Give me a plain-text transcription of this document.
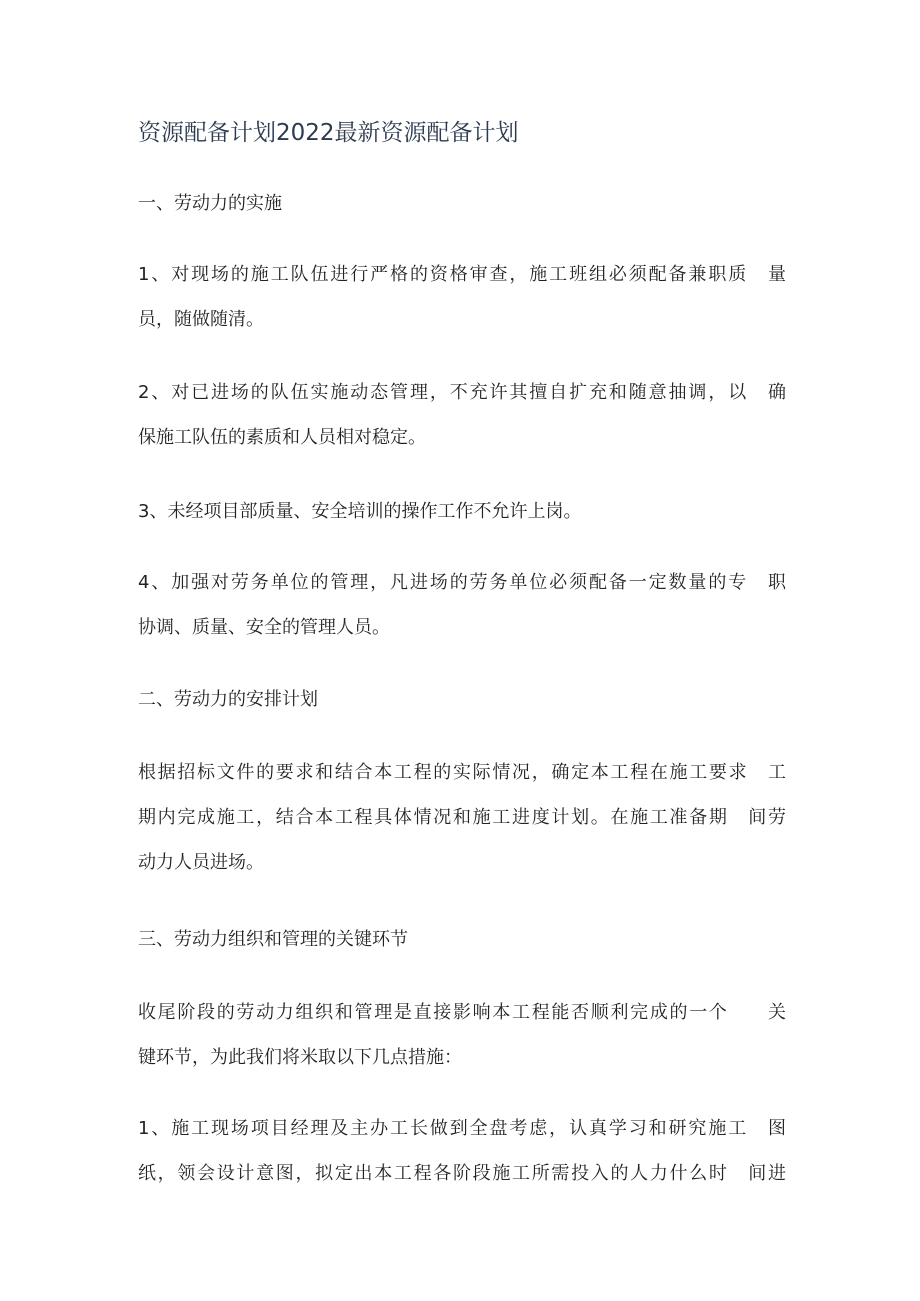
资源配备计划2022最新资源配备计划
一、劳动力的实施
1、对现场的施工队伍进行严格的资格审查，施工班组必须配备兼职质　量
员，随做随清。
2、对已进场的队伍实施动态管理，不充许其擅自扩充和随意抽调，以　确
保施工队伍的素质和人员相对稳定。
3、未经项目部质量、安全培训的操作工作不允许上岗。
4、加强对劳务单位的管理，凡进场的劳务单位必须配备一定数量的专　职
协调、质量、安全的管理人员。
二、劳动力的安排计划
根据招标文件的要求和结合本工程的实际情况，确定本工程在施工要求　工
期内完成施工，结合本工程具体情况和施工进度计划。在施工准备期　间劳
动力人员进场。
三、劳动力组织和管理的关键环节
收尾阶段的劳动力组织和管理是直接影响本工程能否顺利完成的一个　　关
键环节，为此我们将米取以下几点措施：
1、施工现场项目经理及主办工长做到全盘考虑，认真学习和研究施工　图
纸，领会设计意图，拟定出本工程各阶段施工所需投入的人力什么时　间进
